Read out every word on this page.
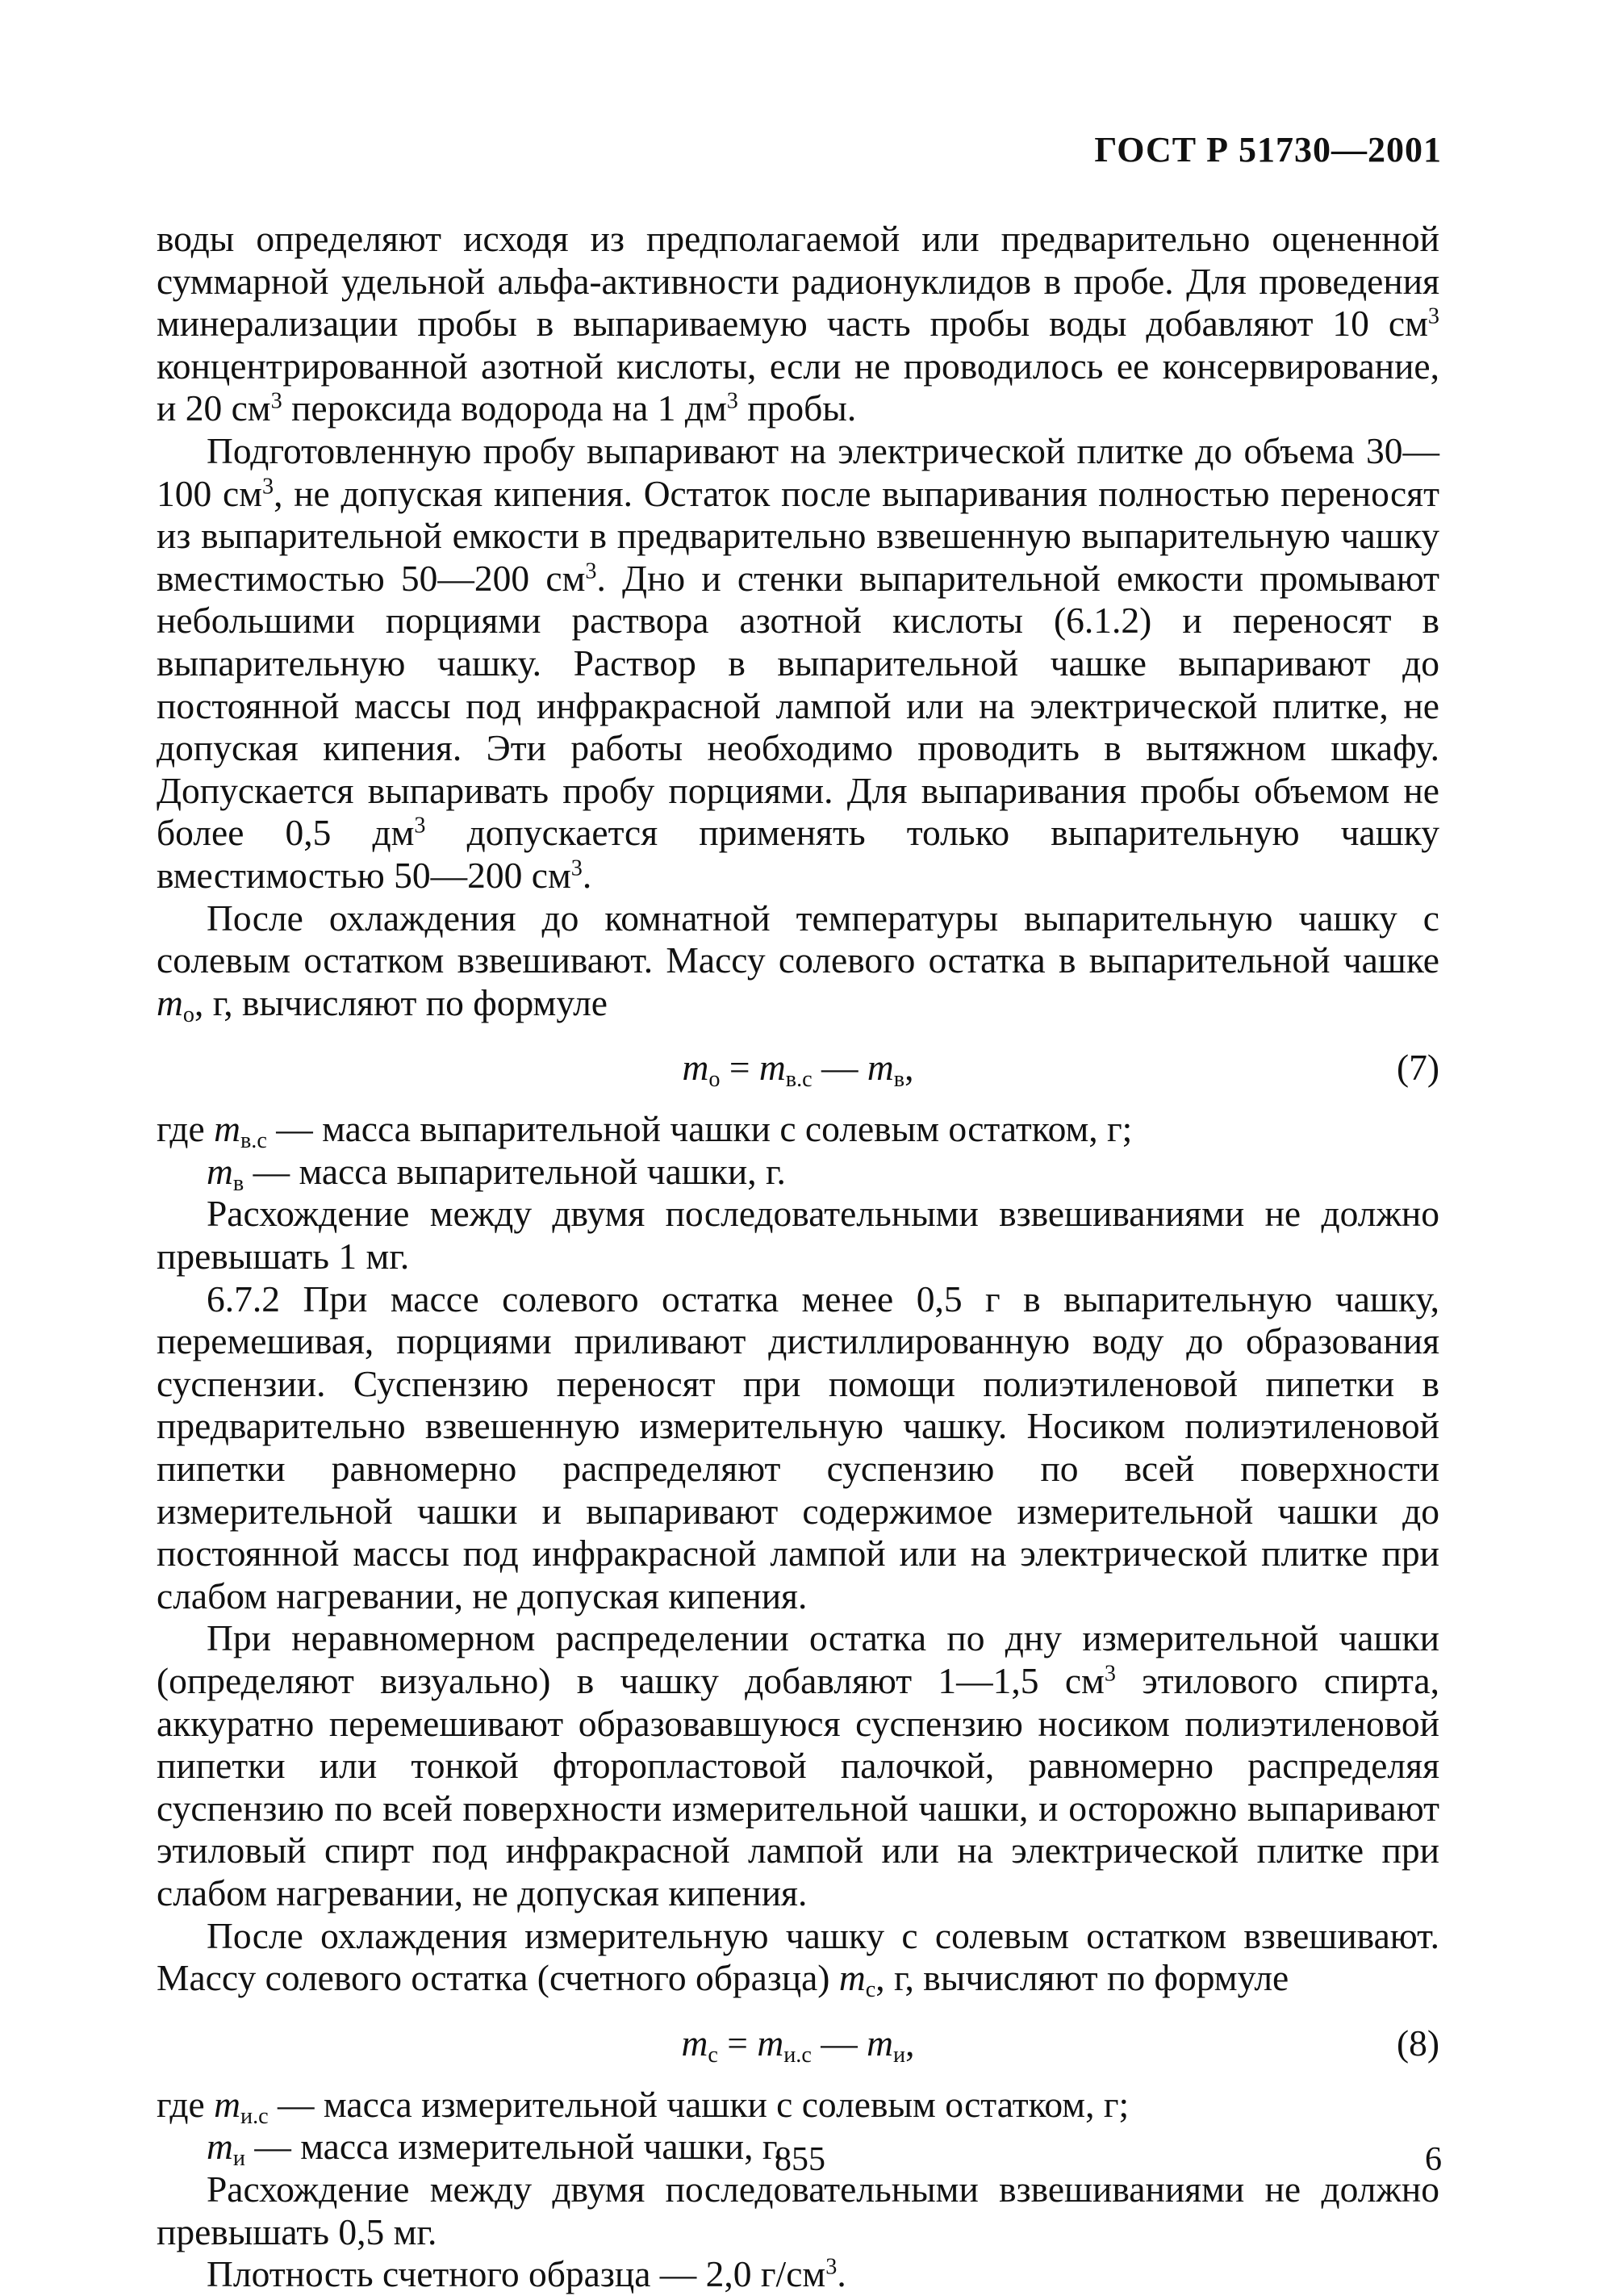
ГОСТ Р 51730—2001

воды определяют исходя из предполагаемой или предварительно оцененной суммарной удельной альфа-активности радионуклидов в пробе. Для проведения минерализации пробы в выпариваемую часть пробы воды добавляют 10 $см^3$ концентрированной азотной кислоты, если не проводилось ее консервирование, и 20 $см^3$ пероксида водорода на 1 $дм^3$ пробы.

Подготовленную пробу выпаривают на электрической плитке до объема 30—100 $см^3$, не допуская кипения. Остаток после выпаривания полностью переносят из выпарительной емкости в предварительно взвешенную выпарительную чашку вместимостью 50—200 $см^3$. Дно и стенки выпарительной емкости промывают небольшими порциями раствора азотной кислоты (6.1.2) и переносят в выпарительную чашку. Раствор в выпарительной чашке выпаривают до постоянной массы под инфракрасной лампой или на электрической плитке, не допуская кипения. Эти работы необходимо проводить в вытяжном шкафу. Допускается выпаривать пробу порциями. Для выпаривания пробы объемом не более 0,5 $дм^3$ допускается применять только выпарительную чашку вместимостью 50—200 $см^3$.

После охлаждения до комнатной температуры выпарительную чашку с солевым остатком взвешивают. Массу солевого остатка в выпарительной чашке $m_о$, г, вычисляют по формуле

$m_о = m_{в.с}$ — $m_в$,	(7)

где $m_{в.с}$ — масса выпарительной чашки с солевым остатком, г;

$m_в$ — масса выпарительной чашки, г.

Расхождение между двумя последовательными взвешиваниями не должно превышать 1 мг.

6.7.2 При массе солевого остатка менее 0,5 г в выпарительную чашку, перемешивая, порциями приливают дистиллированную воду до образования суспензии. Суспензию переносят при помощи полиэтиленовой пипетки в предварительно взвешенную измерительную чашку. Носиком полиэтиленовой пипетки равномерно распределяют суспензию по всей поверхности измерительной чашки и выпаривают содержимое измерительной чашки до постоянной массы под инфракрасной лампой или на электрической плитке при слабом нагревании, не допуская кипения.

При неравномерном распределении остатка по дну измерительной чашки (определяют визуально) в чашку добавляют 1—1,5 $см^3$ этилового спирта, аккуратно перемешивают образовавшуюся суспензию носиком полиэтиленовой пипетки или тонкой фторопластовой палочкой, равномерно распределяя суспензию по всей поверхности измерительной чашки, и осторожно выпаривают этиловый спирт под инфракрасной лампой или на электрической плитке при слабом нагревании, не допуская кипения.

После охлаждения измерительную чашку с солевым остатком взвешивают. Массу солевого остатка (счетного образца) $m_с$, г, вычисляют по формуле

$m_с = m_{и.с}$ — $m_и$,	(8)

где $m_{и.с}$ — масса измерительной чашки с солевым остатком, г;

$m_и$ — масса измерительной чашки, г.

Расхождение между двумя последовательными взвешиваниями не должно превышать 0,5 мг.

Плотность счетного образца — 2,0 $г/см^3$.

855	6
